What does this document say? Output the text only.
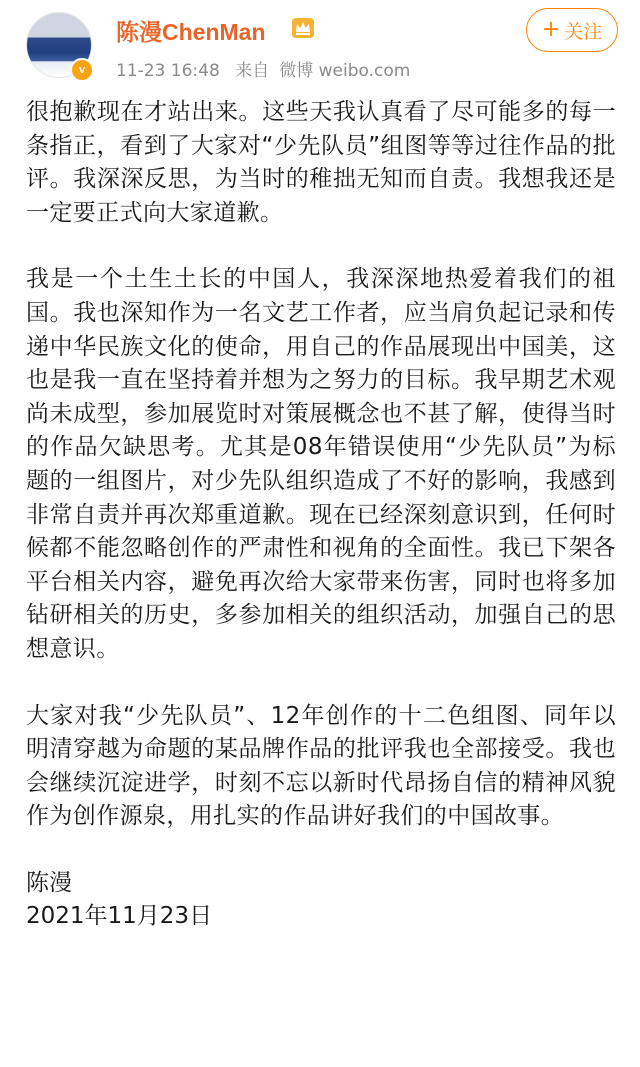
v
陈漫ChenMan
11-23 16:48 来自 微博 weibo.com
+ 关注

很抱歉现在才站出来。这些天我认真看了尽可能多的每一条指正，看到了大家对“少先队员”组图等等过往作品的批评。我深深反思，为当时的稚拙无知而自责。我想我还是一定要正式向大家道歉。

我是一个土生土长的中国人，我深深地热爱着我们的祖国。我也深知作为一名文艺工作者，应当肩负起记录和传递中华民族文化的使命，用自己的作品展现出中国美，这也是我一直在坚持着并想为之努力的目标。我早期艺术观尚未成型，参加展览时对策展概念也不甚了解，使得当时的作品欠缺思考。尤其是08年错误使用“少先队员”为标题的一组图片，对少先队组织造成了不好的影响，我感到非常自责并再次郑重道歉。现在已经深刻意识到，任何时候都不能忽略创作的严肃性和视角的全面性。我已下架各平台相关内容，避免再次给大家带来伤害，同时也将多加钻研相关的历史，多参加相关的组织活动，加强自己的思想意识。

大家对我“少先队员”、12年创作的十二色组图、同年以明清穿越为命题的某品牌作品的批评我也全部接受。我也会继续沉淀进学，时刻不忘以新时代昂扬自信的精神风貌作为创作源泉，用扎实的作品讲好我们的中国故事。

陈漫
2021年11月23日
